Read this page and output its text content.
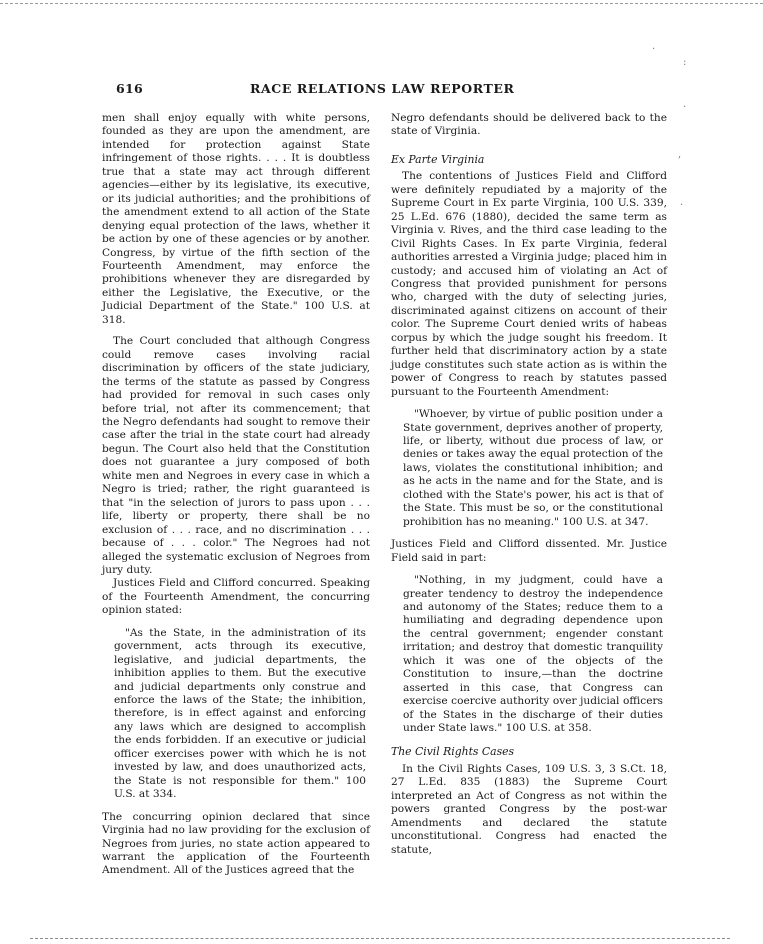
616	RACE RELATIONS LAW REPORTER

men shall enjoy equally with white persons, founded as they are upon the amendment, are intended for protection against State infringement of those rights. . . . It is doubtless true that a state may act through different agencies—either by its legislative, its executive, or its judicial authorities; and the prohibitions of the amendment extend to all action of the State denying equal protection of the laws, whether it be action by one of these agencies or by another. Congress, by virtue of the fifth section of the Fourteenth Amendment, may enforce the prohibitions whenever they are disregarded by either the Legislative, the Executive, or the Judicial Department of the State." 100 U.S. at 318.

The Court concluded that although Congress could remove cases involving racial discrimination by officers of the state judiciary, the terms of the statute as passed by Congress had provided for removal in such cases only before trial, not after its commencement; that the Negro defendants had sought to remove their case after the trial in the state court had already begun. The Court also held that the Constitution does not guarantee a jury composed of both white men and Negroes in every case in which a Negro is tried; rather, the right guaranteed is that "in the selection of jurors to pass upon . . . life, liberty or property, there shall be no exclusion of . . . race, and no discrimination . . . because of . . . color." The Negroes had not alleged the systematic exclusion of Negroes from jury duty.

Justices Field and Clifford concurred. Speaking of the Fourteenth Amendment, the concurring opinion stated:

"As the State, in the administration of its government, acts through its executive, legislative, and judicial departments, the inhibition applies to them. But the executive and judicial departments only construe and enforce the laws of the State; the inhibition, therefore, is in effect against and enforcing any laws which are designed to accomplish the ends forbidden. If an executive or judicial officer exercises power with which he is not invested by law, and does unauthorized acts, the State is not responsible for them." 100 U.S. at 334.

The concurring opinion declared that since Virginia had no law providing for the exclusion of Negroes from juries, no state action appeared to warrant the application of the Fourteenth Amendment. All of the Justices agreed that the

Negro defendants should be delivered back to the state of Virginia.

Ex Parte Virginia

The contentions of Justices Field and Clifford were definitely repudiated by a majority of the Supreme Court in Ex parte Virginia, 100 U.S. 339, 25 L.Ed. 676 (1880), decided the same term as Virginia v. Rives, and the third case leading to the Civil Rights Cases. In Ex parte Virginia, federal authorities arrested a Virginia judge; placed him in custody; and accused him of violating an Act of Congress that provided punishment for persons who, charged with the duty of selecting juries, discriminated against citizens on account of their color. The Supreme Court denied writs of habeas corpus by which the judge sought his freedom. It further held that discriminatory action by a state judge constitutes such state action as is within the power of Congress to reach by statutes passed pursuant to the Fourteenth Amendment:

"Whoever, by virtue of public position under a State government, deprives another of property, life, or liberty, without due process of law, or denies or takes away the equal protection of the laws, violates the constitutional inhibition; and as he acts in the name and for the State, and is clothed with the State's power, his act is that of the State. This must be so, or the constitutional prohibition has no meaning." 100 U.S. at 347.

Justices Field and Clifford dissented. Mr. Justice Field said in part:

"Nothing, in my judgment, could have a greater tendency to destroy the independence and autonomy of the States; reduce them to a humiliating and degrading dependence upon the central government; engender constant irritation; and destroy that domestic tranquility which it was one of the objects of the Constitution to insure,—than the doctrine asserted in this case, that Congress can exercise coercive authority over judicial officers of the States in the discharge of their duties under State laws." 100 U.S. at 358.

The Civil Rights Cases

In the Civil Rights Cases, 109 U.S. 3, 3 S.Ct. 18, 27 L.Ed. 835 (1883) the Supreme Court interpreted an Act of Congress as not within the powers granted Congress by the post-war Amendments and declared the statute unconstitutional. Congress had enacted the statute,

.
:
.
,
.
